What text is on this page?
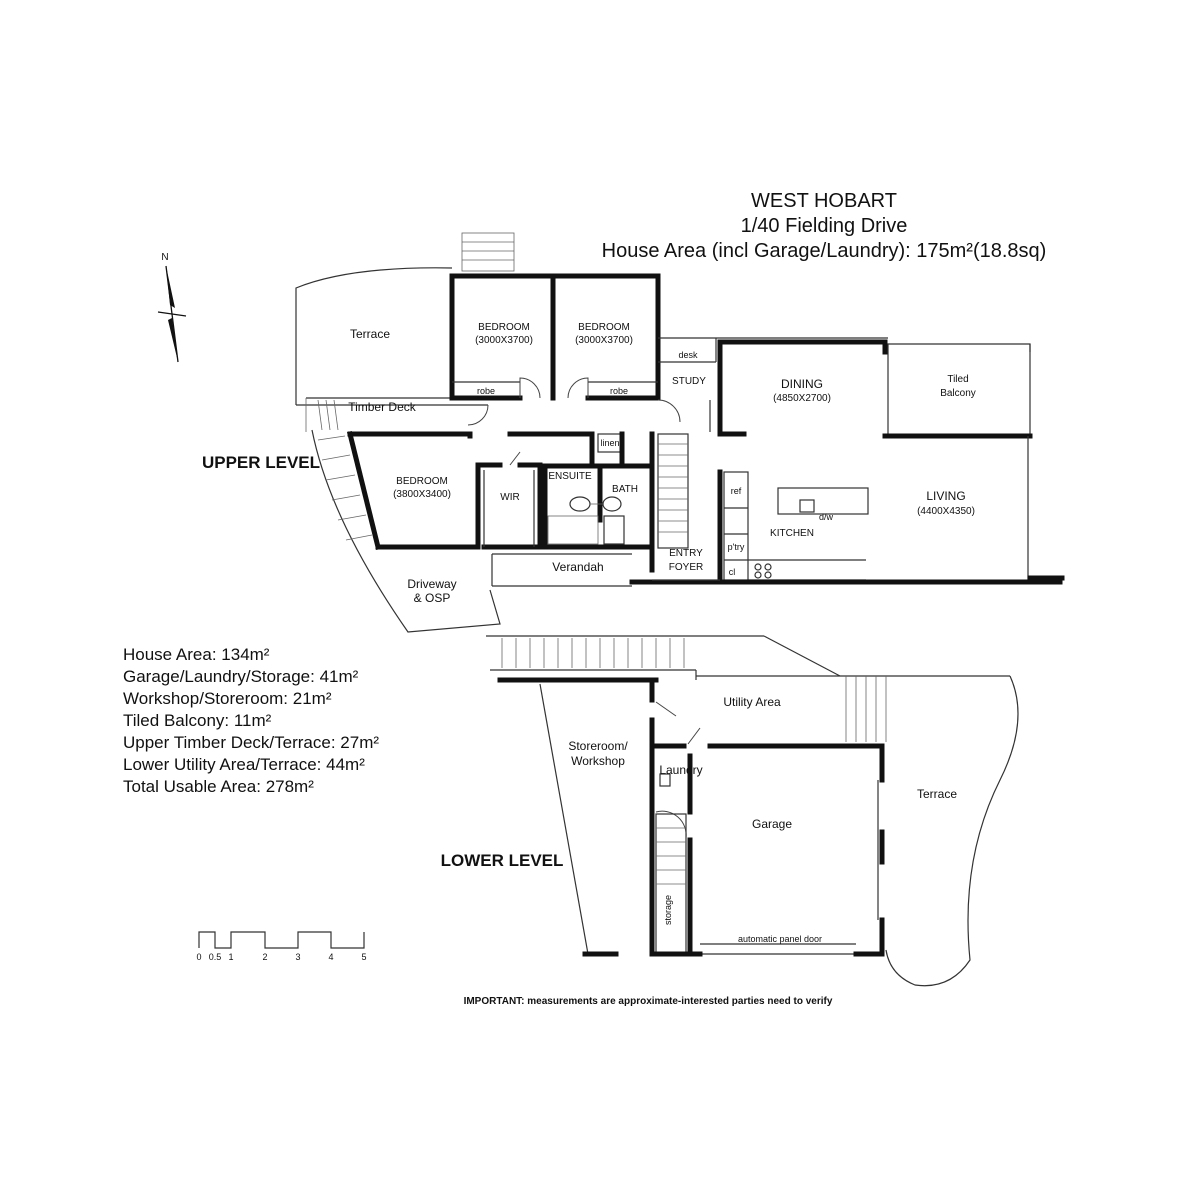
WEST HOBART
1/40 Fielding Drive
House Area (incl Garage/Laundry): 175m²(18.8sq)
N
UPPER LEVEL
LOWER LEVEL
Terrace	BEDROOM
(3000X3700)
BEDROOM
(3000X3700)
robe	robe
desk
STUDY	DINING
(4850X2700)
Tiled
Balcony
Timber Deck
BEDROOM
(3800X3400)	WIR
ENSUITE
linen
BATH	ref
d/w
KITCHEN
p'try
cl
LIVING
(4400X4350)
ENTRY
FOYER
Verandah
Driveway
& OSP
Utility Area
Storeroom/
Workshop
Laundry
Garage
Terrace
storage
automatic panel door
House Area: 134m²
Garage/Laundry/Storage: 41m²
Workshop/Storeroom: 21m²
Tiled Balcony: 11m²
Upper Timber Deck/Terrace: 27m²
Lower Utility Area/Terrace: 44m²
Total Usable Area: 278m²
0 0.5 1	2	3	4	5
IMPORTANT: measurements are approximate-interested parties need to verify
